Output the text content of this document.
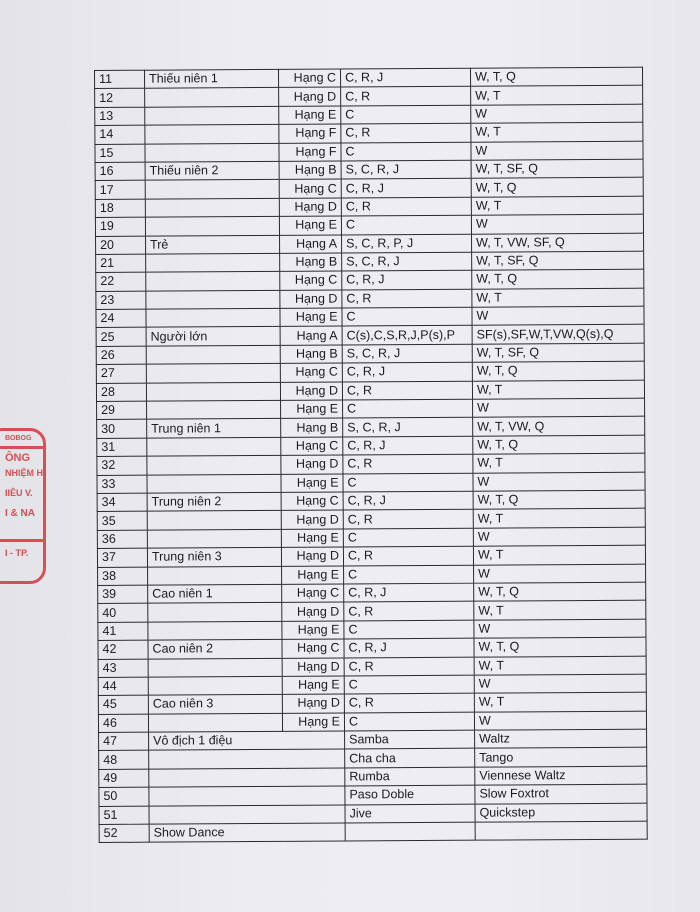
BOBOG
ÔNG
NHIỆM H
IIÊU V.
I & NA
I - TP.
11	Thiếu niên 1	Hạng C	C, R, J	W, T, Q
12		Hạng D	C, R	W, T
13		Hạng E	C	W
14		Hạng F	C, R	W, T
15		Hạng F	C	W
16	Thiếu niên 2	Hạng B	S, C, R, J	W, T, SF, Q
17		Hạng C	C, R, J	W, T, Q
18		Hạng D	C, R	W, T
19		Hạng E	C	W
20	Trẻ	Hạng A	S, C, R, P, J	W, T, VW, SF, Q
21		Hạng B	S, C, R, J	W, T, SF, Q
22		Hạng C	C, R, J	W, T, Q
23		Hạng D	C, R	W, T
24		Hạng E	C	W
25	Người lớn	Hạng A	C(s),C,S,R,J,P(s),P	SF(s),SF,W,T,VW,Q(s),Q
26		Hạng B	S, C, R, J	W, T, SF, Q
27		Hạng C	C, R, J	W, T, Q
28		Hạng D	C, R	W, T
29		Hạng E	C	W
30	Trung niên 1	Hạng B	S, C, R, J	W, T, VW, Q
31		Hạng C	C, R, J	W, T, Q
32		Hạng D	C, R	W, T
33		Hạng E	C	W
34	Trung niên 2	Hạng C	C, R, J	W, T, Q
35		Hạng D	C, R	W, T
36		Hạng E	C	W
37	Trung niên 3	Hạng D	C, R	W, T
38		Hạng E	C	W
39	Cao niên 1	Hạng C	C, R, J	W, T, Q
40		Hạng D	C, R	W, T
41		Hạng E	C	W
42	Cao niên 2	Hạng C	C, R, J	W, T, Q
43		Hạng D	C, R	W, T
44		Hạng E	C	W
45	Cao niên 3	Hạng D	C, R	W, T
46		Hạng E	C	W
47	Vô địch 1 điệu		Samba	Waltz
48			Cha cha	Tango
49			Rumba	Viennese Waltz
50			Paso Doble	Slow Foxtrot
51			Jive	Quickstep
52	Show Dance			
